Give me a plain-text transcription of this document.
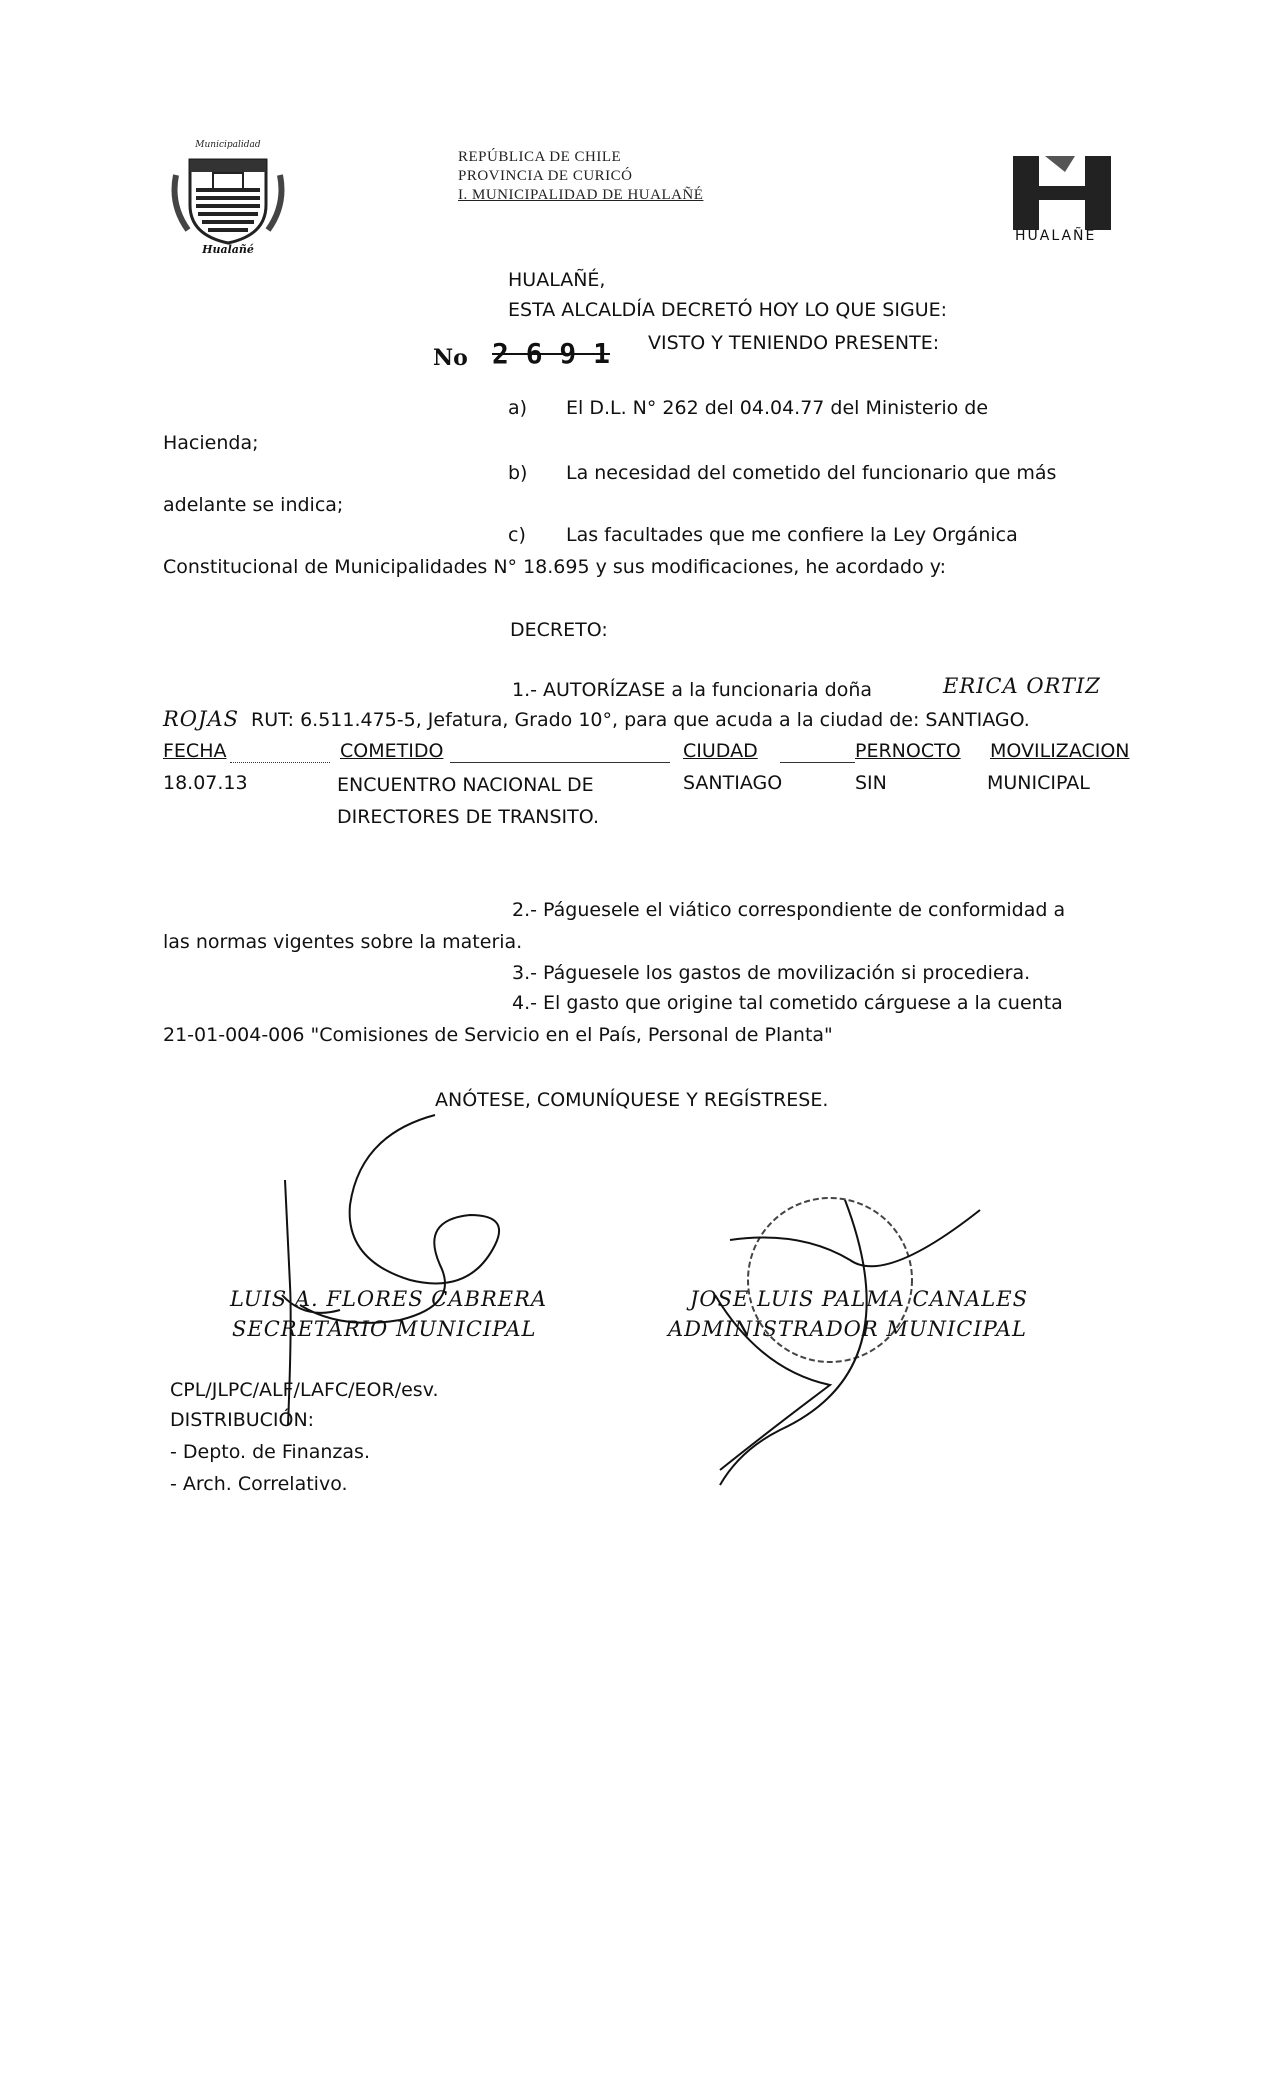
Municipalidad
Hualañé
REPÚBLICA DE CHILE
PROVINCIA DE CURICÓ
I. MUNICIPALIDAD DE HUALAÑÉ
HUALAÑE
HUALAÑÉ,
ESTA ALCALDÍA DECRETÓ HOY LO QUE SIGUE:
No 2 6 9 1 VISTO Y TENIENDO PRESENTE:
a) El D.L. N° 262 del 04.04.77 del Ministerio de
Hacienda;
b) La necesidad del cometido del funcionario que más
adelante se indica;
c) Las facultades que me confiere la Ley Orgánica
Constitucional de Municipalidades N° 18.695 y sus modificaciones, he acordado y:
DECRETO:
1.- AUTORÍZASE a la funcionaria doña	ERICA ORTIZ
ROJAS RUT: 6.511.475-5, Jefatura, Grado 10°, para que acuda a la ciudad de: SANTIAGO.
FECHA	COMETIDO	CIUDAD	PERNOCTO MOVILIZACION
18.07.13	ENCUENTRO NACIONAL DE
DIRECTORES DE TRANSITO.
SANTIAGO	SIN	MUNICIPAL
2.- Páguesele el viático correspondiente de conformidad a
las normas vigentes sobre la materia.
3.- Páguesele los gastos de movilización si procediera.
4.- El gasto que origine tal cometido cárguese a la cuenta
21-01-004-006 "Comisiones de Servicio en el País, Personal de Planta"
ANÓTESE, COMUNÍQUESE Y REGÍSTRESE.
LUIS A. FLORES CABRERA
SECRETARIO MUNICIPAL
JOSE LUIS PALMA CANALES
ADMINISTRADOR MUNICIPAL
CPL/JLPC/ALF/LAFC/EOR/esv.
DISTRIBUCIÓN:
- Depto. de Finanzas.
- Arch. Correlativo.
